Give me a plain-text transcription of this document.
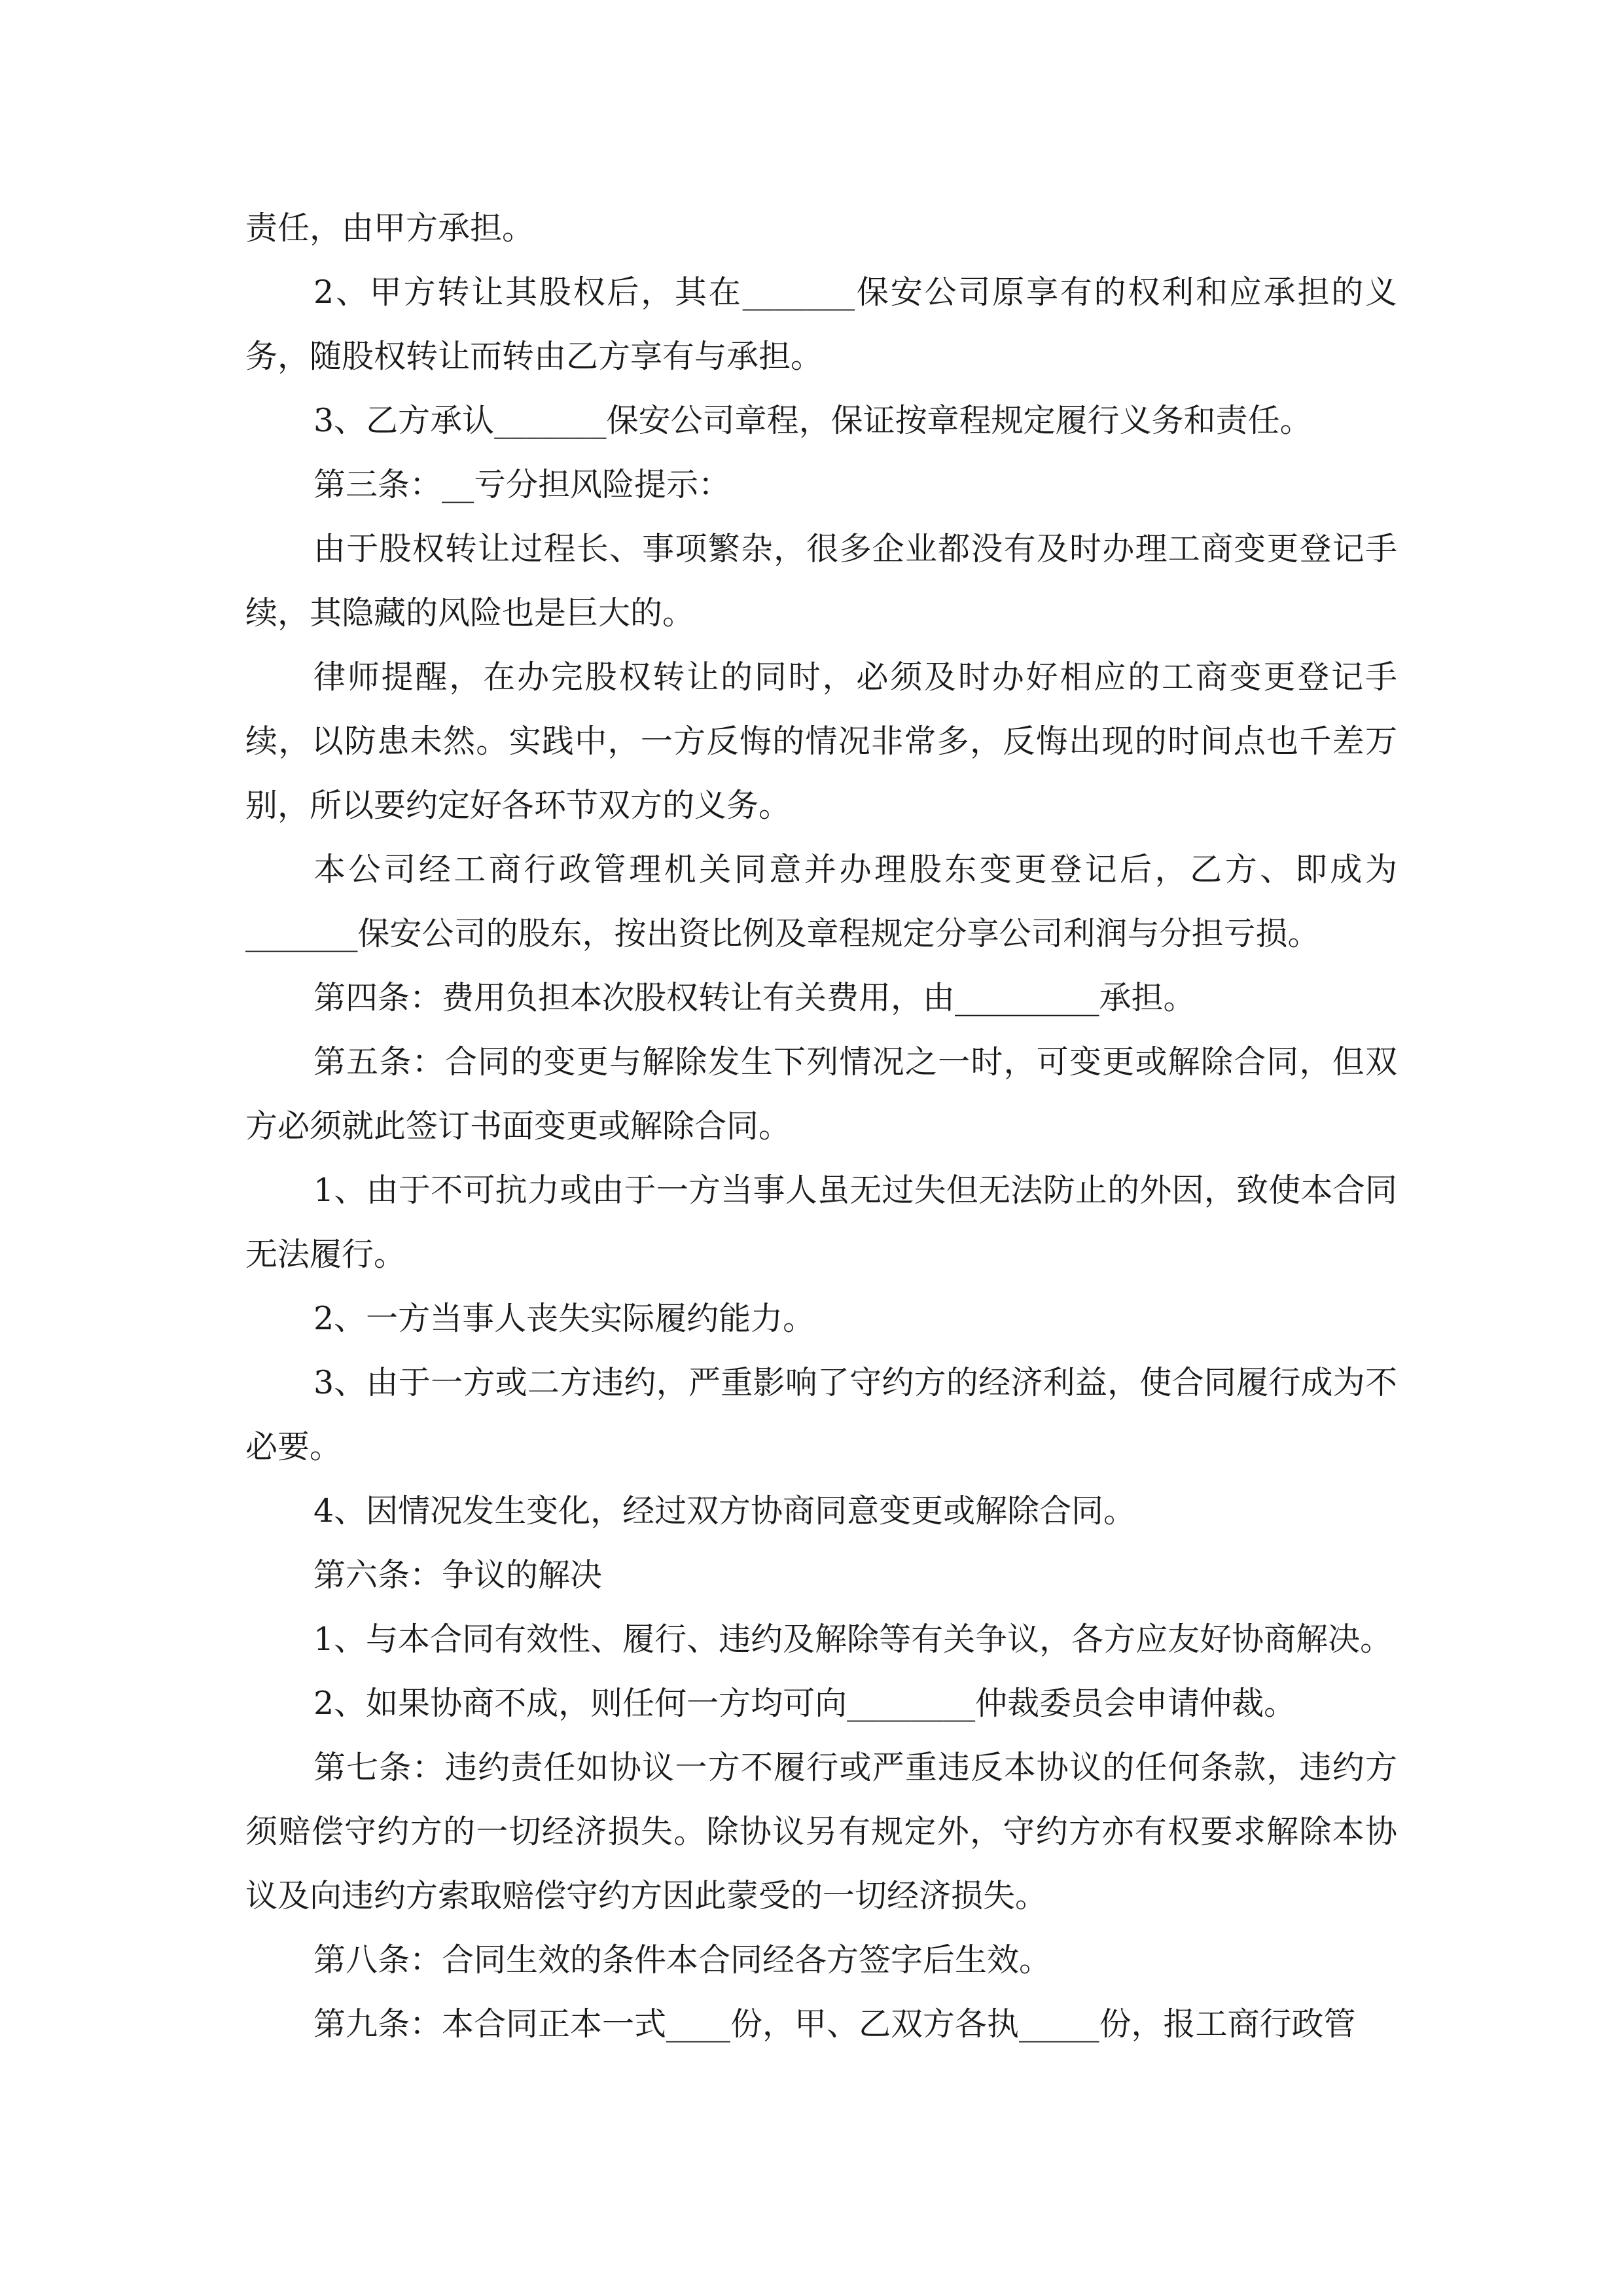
责任，由甲方承担。

2、甲方转让其股权后，其在_______保安公司原享有的权利和应承担的义务，随股权转让而转由乙方享有与承担。

3、乙方承认_______保安公司章程，保证按章程规定履行义务和责任。

第三条：__亏分担风险提示：

由于股权转让过程长、事项繁杂，很多企业都没有及时办理工商变更登记手续，其隐藏的风险也是巨大的。

律师提醒，在办完股权转让的同时，必须及时办好相应的工商变更登记手续，以防患未然。实践中，一方反悔的情况非常多，反悔出现的时间点也千差万别，所以要约定好各环节双方的义务。

本公司经工商行政管理机关同意并办理股东变更登记后，乙方、即成为_______保安公司的股东，按出资比例及章程规定分享公司利润与分担亏损。

第四条：费用负担本次股权转让有关费用，由_________承担。

第五条：合同的变更与解除发生下列情况之一时，可变更或解除合同，但双方必须就此签订书面变更或解除合同。

1、由于不可抗力或由于一方当事人虽无过失但无法防止的外因，致使本合同无法履行。

2、一方当事人丧失实际履约能力。

3、由于一方或二方违约，严重影响了守约方的经济利益，使合同履行成为不必要。

4、因情况发生变化，经过双方协商同意变更或解除合同。

第六条：争议的解决

1、与本合同有效性、履行、违约及解除等有关争议，各方应友好协商解决。

2、如果协商不成，则任何一方均可向________仲裁委员会申请仲裁。

第七条：违约责任如协议一方不履行或严重违反本协议的任何条款，违约方须赔偿守约方的一切经济损失。除协议另有规定外，守约方亦有权要求解除本协议及向违约方索取赔偿守约方因此蒙受的一切经济损失。

第八条：合同生效的条件本合同经各方签字后生效。

第九条：本合同正本一式____份，甲、乙双方各执_____份，报工商行政管
